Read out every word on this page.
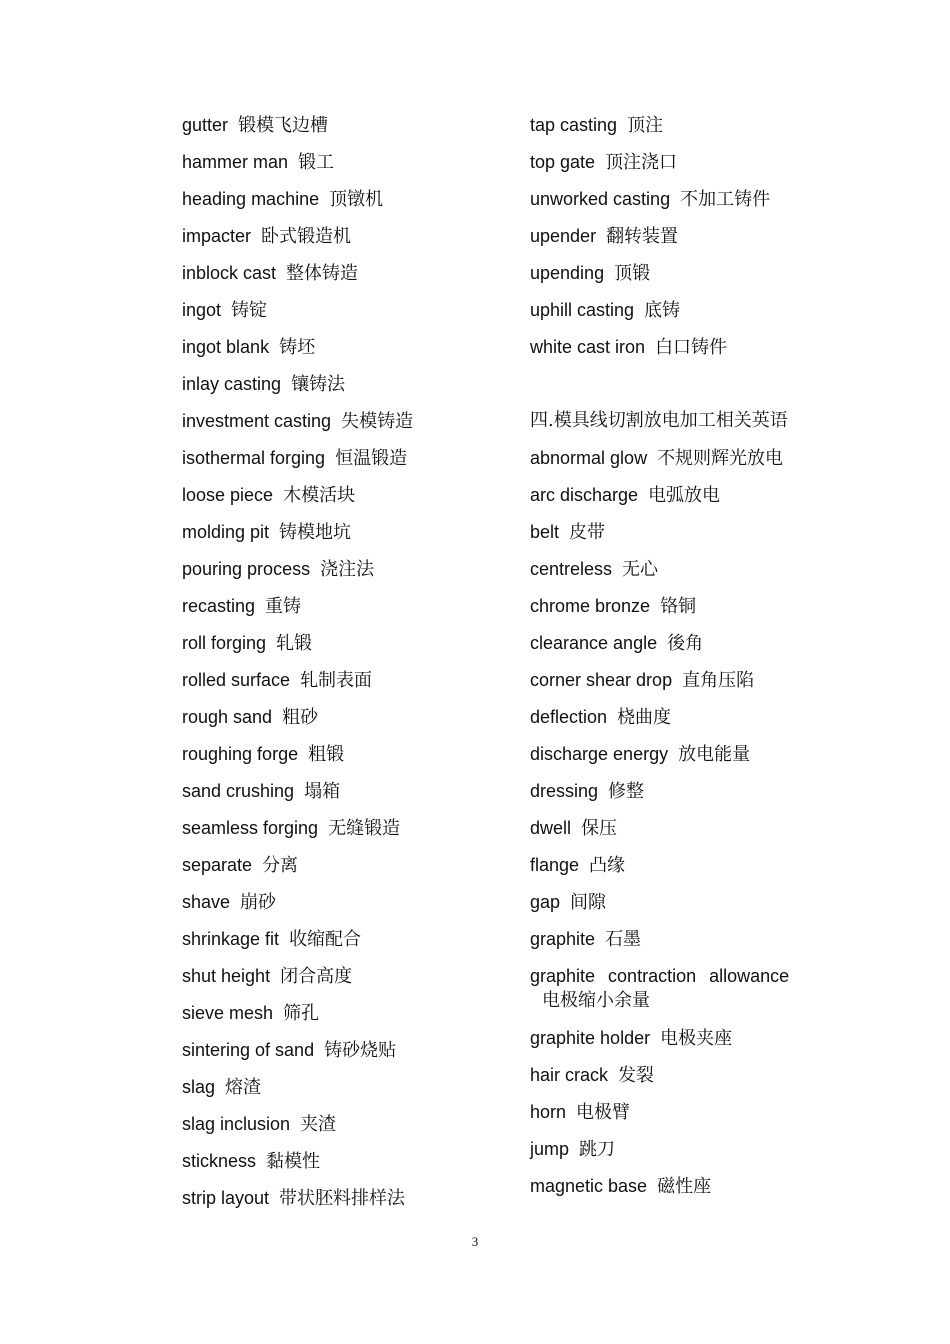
gutter 锻模飞边槽
hammer man 锻工
heading machine 顶镦机
impacter 卧式锻造机
inblock cast 整体铸造
ingot 铸锭
ingot blank 铸坯
inlay casting 镶铸法
investment casting 失模铸造
isothermal forging 恒温锻造
loose piece 木模活块
molding pit 铸模地坑
pouring process 浇注法
recasting 重铸
roll forging 轧锻
rolled surface 轧制表面
rough sand 粗砂
roughing forge 粗锻
sand crushing 塌箱
seamless forging 无缝锻造
separate 分离
shave 崩砂
shrinkage fit 收缩配合
shut height 闭合高度
sieve mesh 筛孔
sintering of sand 铸砂烧贴
slag 熔渣
slag inclusion 夹渣
stickness 黏模性
strip layout 带状胚料排样法
tap casting 顶注
top gate 顶注浇口
unworked casting 不加工铸件
upender 翻转装置
upending 顶锻
uphill casting 底铸
white cast iron 白口铸件
四.模具线切割放电加工相关英语
abnormal glow 不规则辉光放电
arc discharge 电弧放电
belt 皮带
centreless 无心
chrome bronze 铬铜
clearance angle 後角
corner shear drop 直角压陷
deflection 桡曲度
discharge energy 放电能量
dressing 修整
dwell 保压
flange 凸缘
gap 间隙
graphite 石墨
graphite contraction allowance
电极缩小余量
graphite holder 电极夹座
hair crack 发裂
horn 电极臂
jump 跳刀
magnetic base 磁性座
3
